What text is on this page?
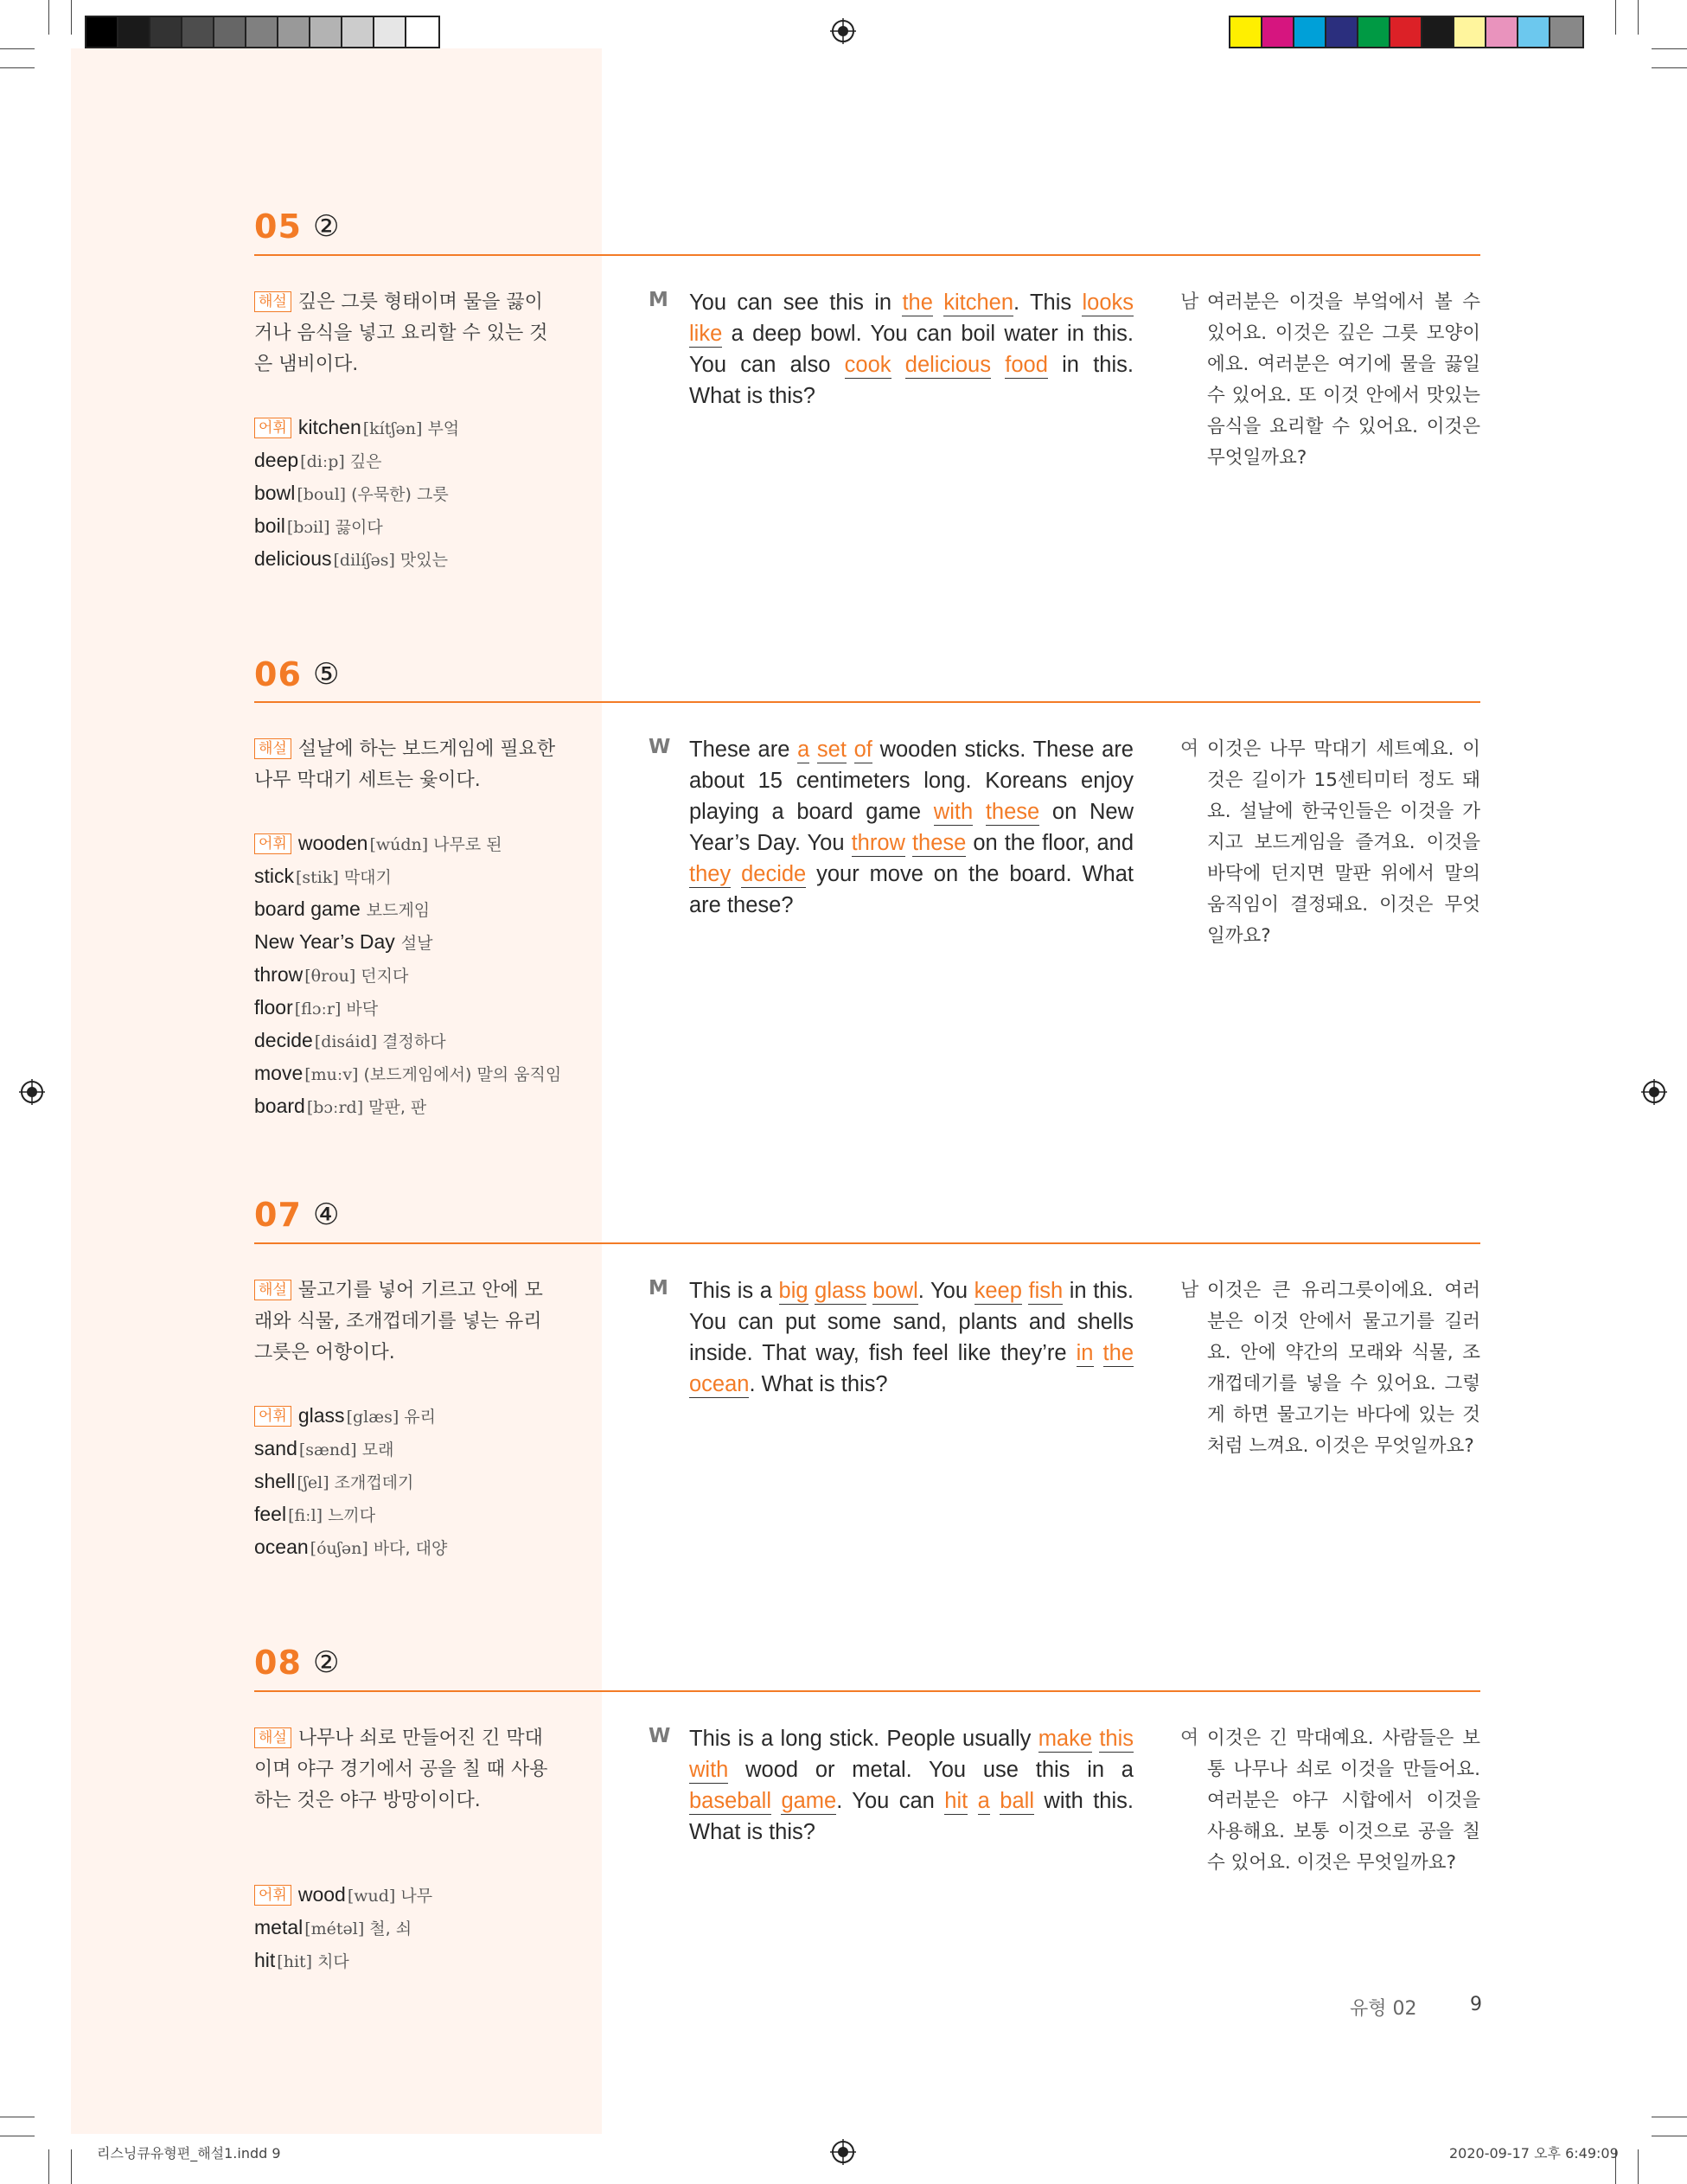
05 ②
해설 깊은 그릇 형태이며 물을 끓이거나 음식을 넣고 요리할 수 있는 것은 냄비이다.
어휘 kitchen [kítʃən] 부엌
deep [diːp] 깊은
bowl [boul] (우묵한) 그릇
boil [bɔil] 끓이다
delicious [dilíʃəs] 맛있는
M You can see this in the kitchen. This looks like a deep bowl. You can boil water in this. You can also cook delicious food in this. What is this?
남 여러분은 이것을 부엌에서 볼 수 있어요. 이것은 깊은 그릇 모양이에요. 여러분은 여기에 물을 끓일 수 있어요. 또 이것 안에서 맛있는 음식을 요리할 수 있어요. 이것은 무엇일까요?
06 ⑤
해설 설날에 하는 보드게임에 필요한 나무 막대기 세트는 윷이다.
어휘 wooden [wúdn] 나무로 된
stick [stik] 막대기
board game 보드게임
New Year’s Day 설날
throw [θrou] 던지다
floor [flɔːr] 바닥
decide [disáid] 결정하다
move [muːv] (보드게임에서) 말의 움직임
board [bɔːrd] 말판, 판
W These are a set of wooden sticks. These are about 15 centimeters long. Koreans enjoy playing a board game with these on New Year’s Day. You throw these on the floor, and they decide your move on the board. What are these?
여 이것은 나무 막대기 세트예요. 이것은 길이가 15센티미터 정도 돼요. 설날에 한국인들은 이것을 가지고 보드게임을 즐겨요. 이것을 바닥에 던지면 말판 위에서 말의 움직임이 결정돼요. 이것은 무엇일까요?
07 ④
해설 물고기를 넣어 기르고 안에 모래와 식물, 조개껍데기를 넣는 유리그릇은 어항이다.
어휘 glass [glæs] 유리
sand [sænd] 모래
shell [ʃel] 조개껍데기
feel [fiːl] 느끼다
ocean [óuʃən] 바다, 대양
M This is a big glass bowl. You keep fish in this. You can put some sand, plants and shells inside. That way, fish feel like they’re in the ocean. What is this?
남 이것은 큰 유리그릇이에요. 여러분은 이것 안에서 물고기를 길러요. 안에 약간의 모래와 식물, 조개껍데기를 넣을 수 있어요. 그렇게 하면 물고기는 바다에 있는 것처럼 느껴요. 이것은 무엇일까요?
08 ②
해설 나무나 쇠로 만들어진 긴 막대이며 야구 경기에서 공을 칠 때 사용하는 것은 야구 방망이이다.
어휘 wood [wud] 나무
metal [métəl] 철, 쇠
hit [hit] 치다
W This is a long stick. People usually make this with wood or metal. You use this in a baseball game. You can hit a ball with this. What is this?
여 이것은 긴 막대예요. 사람들은 보통 나무나 쇠로 이것을 만들어요. 여러분은 야구 시합에서 이것을 사용해요. 보통 이것으로 공을 칠 수 있어요. 이것은 무엇일까요?
유형 02	9
리스닝큐유형편_해설1.indd 9	2020-09-17 오후 6:49:09
